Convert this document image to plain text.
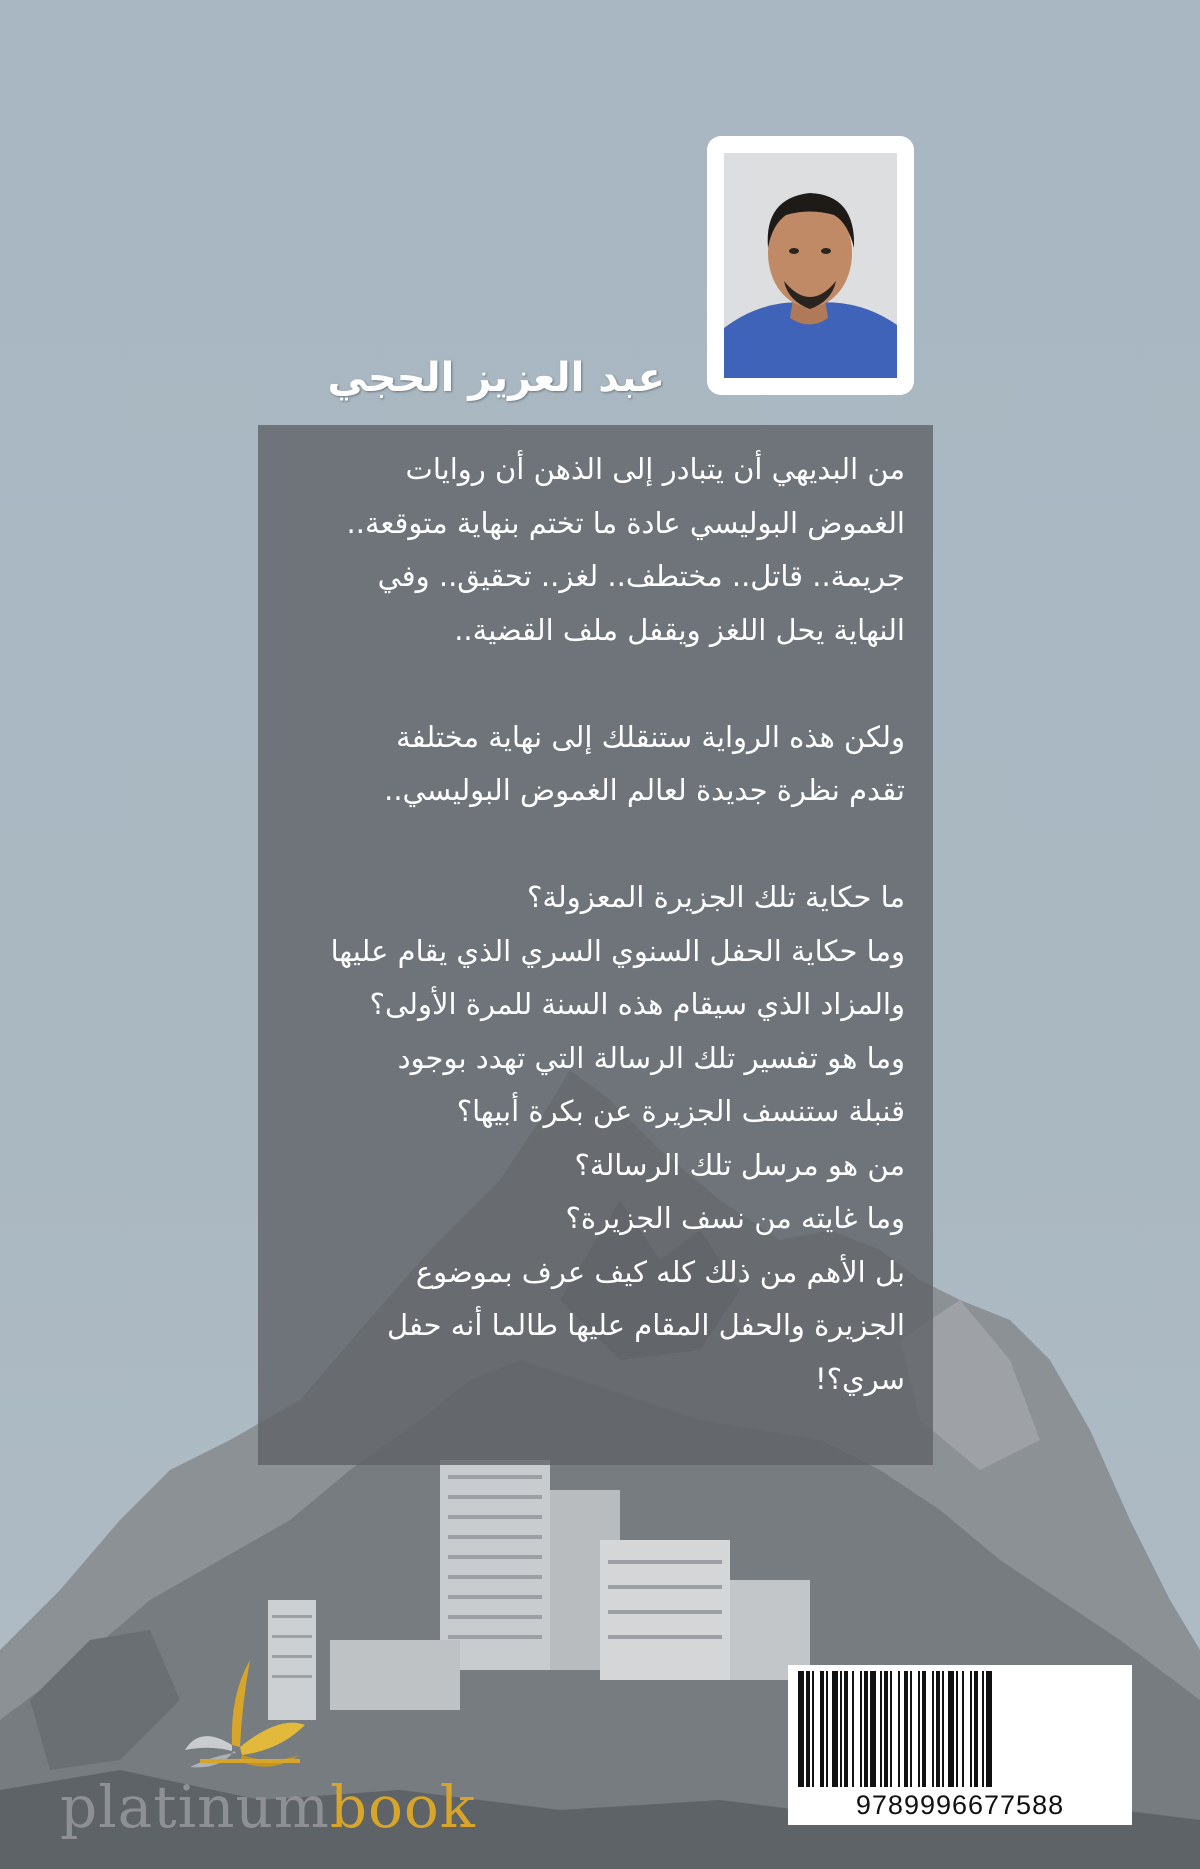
عبد العزيز الحجي

من البديهي أن يتبادر إلى الذهن أن روايات

الغموض البوليسي عادة ما تختم بنهاية متوقعة..

جريمة.. قاتل.. مختطف.. لغز.. تحقيق.. وفي

النهاية يحل اللغز ويقفل ملف القضية..

ولكن هذه الرواية ستنقلك إلى نهاية مختلفة

تقدم نظرة جديدة لعالم الغموض البوليسي..

ما حكاية تلك الجزيرة المعزولة؟

وما حكاية الحفل السنوي السري الذي يقام عليها

والمزاد الذي سيقام هذه السنة للمرة الأولى؟

وما هو تفسير تلك الرسالة التي تهدد بوجود

قنبلة ستنسف الجزيرة عن بكرة أبيها؟

من هو مرسل تلك الرسالة؟

وما غايته من نسف الجزيرة؟

بل الأهم من ذلك كله كيف عرف بموضوع

الجزيرة والحفل المقام عليها طالما أنه حفل

سري؟!

platinumbook	9789996677588
